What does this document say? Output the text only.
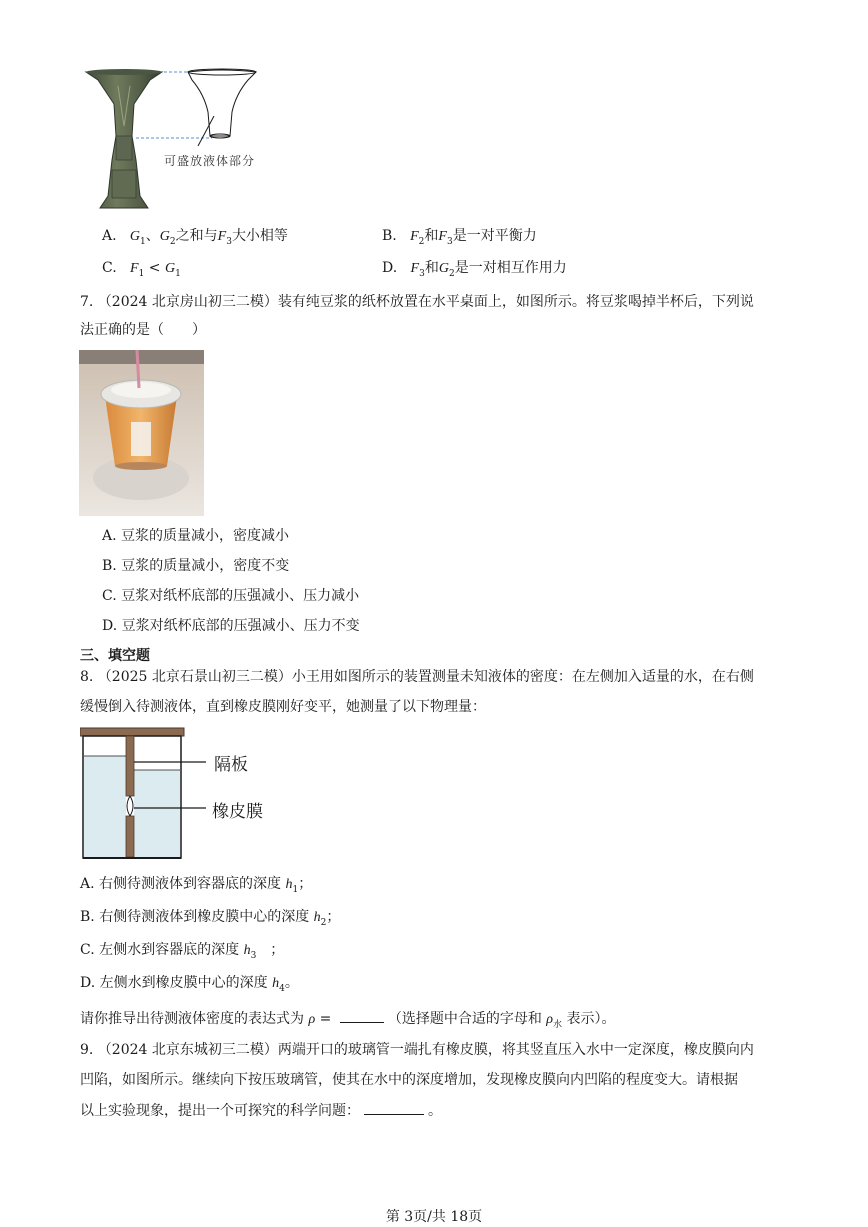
可盛放液体部分
A. $G_1$、$G_2$之和与$F_3$大小相等	B. $F_2$和$F_3$是一对平衡力
C. $F_1 < G_1$	D. $F_3$和$G_2$是一对相互作用力
7. （2024 北京房山初三二模）装有纯豆浆的纸杯放置在水平桌面上，如图所示。将豆浆喝掉半杯后，下列说
法正确的是（　　）
A. 豆浆的质量减小，密度减小
B. 豆浆的质量减小，密度不变
C. 豆浆对纸杯底部的压强减小、压力减小
D. 豆浆对纸杯底部的压强减小、压力不变
三、填空题
8. （2025 北京石景山初三二模）小王用如图所示的装置测量未知液体的密度：在左侧加入适量的水，在右侧
缓慢倒入待测液体，直到橡皮膜刚好变平，她测量了以下物理量：
隔板
橡皮膜
A. 右侧待测液体到容器底的深度 $h_1$；
B. 右侧待测液体到橡皮膜中心的深度 $h_2$；
C. 左侧水到容器底的深度 $h_3$　；
D. 左侧水到橡皮膜中心的深度 $h_4$。
请你推导出待测液体密度的表达式为 ρ =	（选择题中合适的字母和 $\rho_水$ 表示）。
9. （2024 北京东城初三二模）两端开口的玻璃管一端扎有橡皮膜，将其竖直压入水中一定深度，橡皮膜向内
凹陷，如图所示。继续向下按压玻璃管，使其在水中的深度增加，发现橡皮膜向内凹陷的程度变大。请根据
以上实验现象，提出一个可探究的科学问题：	。
第 3页/共 18页
